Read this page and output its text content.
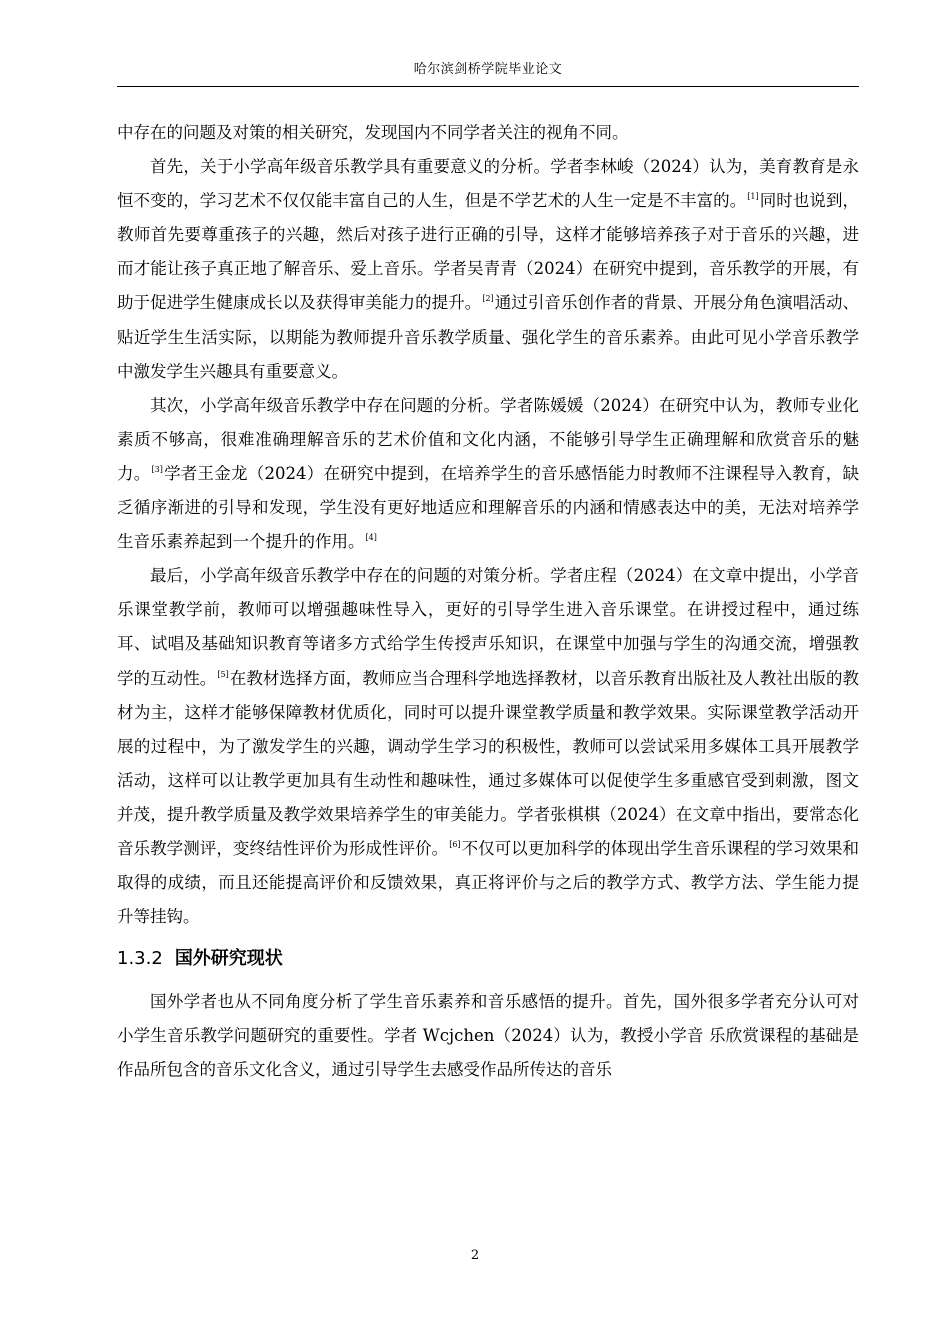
哈尔滨剑桥学院毕业论文

中存在的问题及对策的相关研究，发现国内不同学者关注的视角不同。

首先，关于小学高年级音乐教学具有重要意义的分析。学者李林峻（2024）认为，美育教育是永恒不变的，学习艺术不仅仅能丰富自己的人生，但是不学艺术的人生一定是不丰富的。[1]同时也说到，教师首先要尊重孩子的兴趣，然后对孩子进行正确的引导，这样才能够培养孩子对于音乐的兴趣，进而才能让孩子真正地了解音乐、爱上音乐。学者吴青青（2024）在研究中提到，音乐教学的开展，有助于促进学生健康成长以及获得审美能力的提升。[2]通过引音乐创作者的背景、开展分角色演唱活动、贴近学生生活实际，以期能为教师提升音乐教学质量、强化学生的音乐素养。由此可见小学音乐教学中激发学生兴趣具有重要意义。

其次，小学高年级音乐教学中存在问题的分析。学者陈媛媛（2024）在研究中认为，教师专业化素质不够高，很难准确理解音乐的艺术价值和文化内涵，不能够引导学生正确理解和欣赏音乐的魅力。[3]学者王金龙（2024）在研究中提到，在培养学生的音乐感悟能力时教师不注课程导入教育，缺乏循序渐进的引导和发现，学生没有更好地适应和理解音乐的内涵和情感表达中的美，无法对培养学生音乐素养起到一个提升的作用。[4]

最后，小学高年级音乐教学中存在的问题的对策分析。学者庄程（2024）在文章中提出，小学音乐课堂教学前，教师可以增强趣味性导入，更好的引导学生进入音乐课堂。在讲授过程中，通过练耳、试唱及基础知识教育等诸多方式给学生传授声乐知识，在课堂中加强与学生的沟通交流，增强教学的互动性。[5]在教材选择方面，教师应当合理科学地选择教材，以音乐教育出版社及人教社出版的教材为主，这样才能够保障教材优质化，同时可以提升课堂教学质量和教学效果。实际课堂教学活动开展的过程中，为了激发学生的兴趣，调动学生学习的积极性，教师可以尝试采用多媒体工具开展教学活动，这样可以让教学更加具有生动性和趣味性，通过多媒体可以促使学生多重感官受到刺激，图文并茂，提升教学质量及教学效果培养学生的审美能力。学者张棋棋（2024）在文章中指出，要常态化音乐教学测评，变终结性评价为形成性评价。[6]不仅可以更加科学的体现出学生音乐课程的学习效果和取得的成绩，而且还能提高评价和反馈效果，真正将评价与之后的教学方式、教学方法、学生能力提升等挂钩。

1.3.2 国外研究现状

国外学者也从不同角度分析了学生音乐素养和音乐感悟的提升。首先，国外很多学者充分认可对小学生音乐教学问题研究的重要性。学者 Wcjchen（2024）认为，教授小学音 乐欣赏课程的基础是作品所包含的音乐文化含义，通过引导学生去感受作品所传达的音乐

2
